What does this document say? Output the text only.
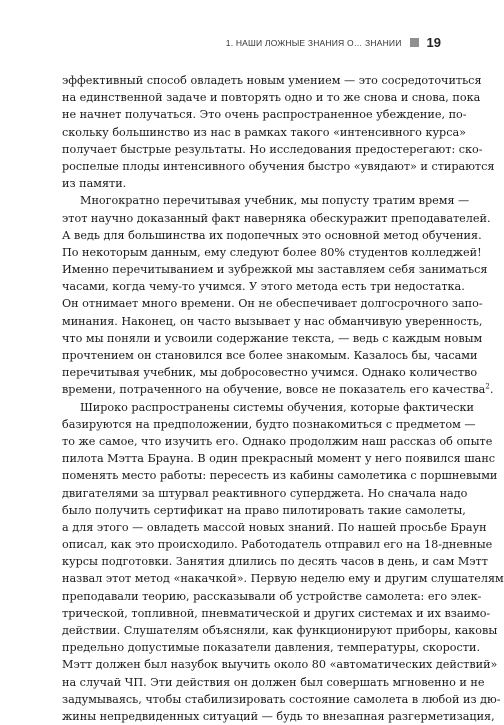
1. НАШИ ЛОЖНЫЕ ЗНАНИЯ О… ЗНАНИИ 19
эффективный способ овладеть новым умением — это сосредоточиться
на единственной задаче и повторять одно и то же снова и снова, пока
не начнет получаться. Это очень распространенное убеждение, по-
скольку большинство из нас в рамках такого «интенсивного курса»
получает быстрые результаты. Но исследования предостерегают: ско-
роспелые плоды интенсивного обучения быстро «увядают» и стираются
из памяти.
Многократно перечитывая учебник, мы попусту тратим время —
этот научно доказанный факт наверняка обескуражит преподавателей.
А ведь для большинства их подопечных это основной метод обучения.
По некоторым данным, ему следуют более 80% студентов колледжей!
Именно перечитыванием и зубрежкой мы заставляем себя заниматься
часами, когда чему-то учимся. У этого метода есть три недостатка.
Он отнимает много времени. Он не обеспечивает долгосрочного запо-
минания. Наконец, он часто вызывает у нас обманчивую уверенность,
что мы поняли и усвоили содержание текста, — ведь с каждым новым
прочтением он становился все более знакомым. Казалось бы, часами
перечитывая учебник, мы добросовестно учимся. Однако количество
времени, потраченного на обучение, вовсе не показатель его качества$^2$.
Широко распространены системы обучения, которые фактически
базируются на предположении, будто познакомиться с предметом —
то же самое, что изучить его. Однако продолжим наш рассказ об опыте
пилота Мэтта Брауна. В один прекрасный момент у него появился шанс
поменять место работы: пересесть из кабины самолетика с поршневыми
двигателями за штурвал реактивного суперджета. Но сначала надо
было получить сертификат на право пилотировать такие самолеты,
а для этого — овладеть массой новых знаний. По нашей просьбе Браун
описал, как это происходило. Работодатель отправил его на 18-дневные
курсы подготовки. Занятия длились по десять часов в день, и сам Мэтт
назвал этот метод «накачкой». Первую неделю ему и другим слушателям
преподавали теорию, рассказывали об устройстве самолета: его элек-
трической, топливной, пневматической и других системах и их взаимо-
действии. Слушателям объясняли, как функционируют приборы, каковы
предельно допустимые показатели давления, температуры, скорости.
Мэтт должен был назубок выучить около 80 «автоматических действий»
на случай ЧП. Эти действия он должен был совершать мгновенно и не
задумываясь, чтобы стабилизировать состояние самолета в любой из дю-
жины непредвиденных ситуаций — будь то внезапная разгерметизация,
